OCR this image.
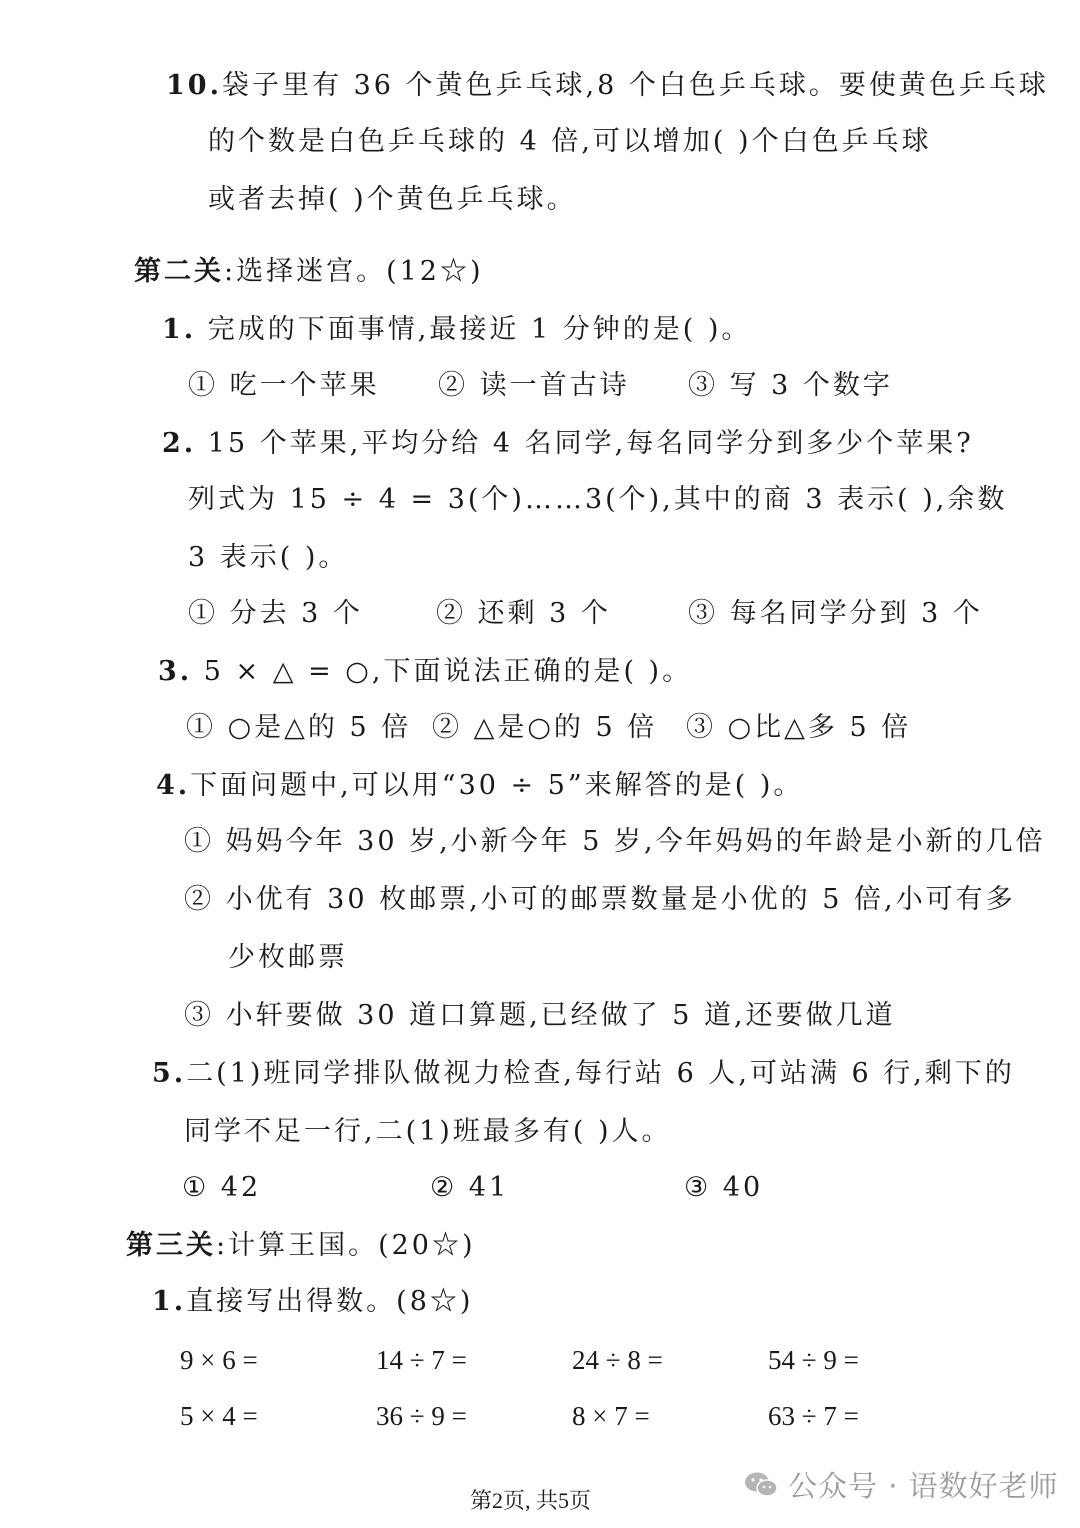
10.袋子里有 36 个黄色乒乓球,8 个白色乒乓球。要使黄色乒乓球
的个数是白色乒乓球的 4 倍,可以增加( )个白色乒乓球
或者去掉( )个黄色乒乓球。
第二关:选择迷宫。(12☆)
1. 完成的下面事情,最接近 1 分钟的是( )。
① 吃一个苹果 ② 读一首古诗 ③ 写 3 个数字
2. 15 个苹果,平均分给 4 名同学,每名同学分到多少个苹果?
列式为 15 ÷ 4 = 3(个)……3(个),其中的商 3 表示( ),余数
3 表示( )。
① 分去 3 个	② 还剩 3 个	③ 每名同学分到 3 个
3. 5 × △ = ○,下面说法正确的是( )。
① ○是△的 5 倍 ② △是○的 5 倍 ③ ○比△多 5 倍
4.下面问题中,可以用“30 ÷ 5”来解答的是( )。
① 妈妈今年 30 岁,小新今年 5 岁,今年妈妈的年龄是小新的几倍
② 小优有 30 枚邮票,小可的邮票数量是小优的 5 倍,小可有多
少枚邮票
③ 小轩要做 30 道口算题,已经做了 5 道,还要做几道
5.二(1)班同学排队做视力检查,每行站 6 人,可站满 6 行,剩下的
同学不足一行,二(1)班最多有( )人。
① 42	② 41	③ 40
第三关:计算王国。(20☆)
1.直接写出得数。(8☆)
9 × 6 =	14 ÷ 7 =	24 ÷ 8 =	54 ÷ 9 =
5 × 4 =	36 ÷ 9 =	8 × 7 =	63 ÷ 7 =
第2页, 共5页	公众号 · 语数好老师
